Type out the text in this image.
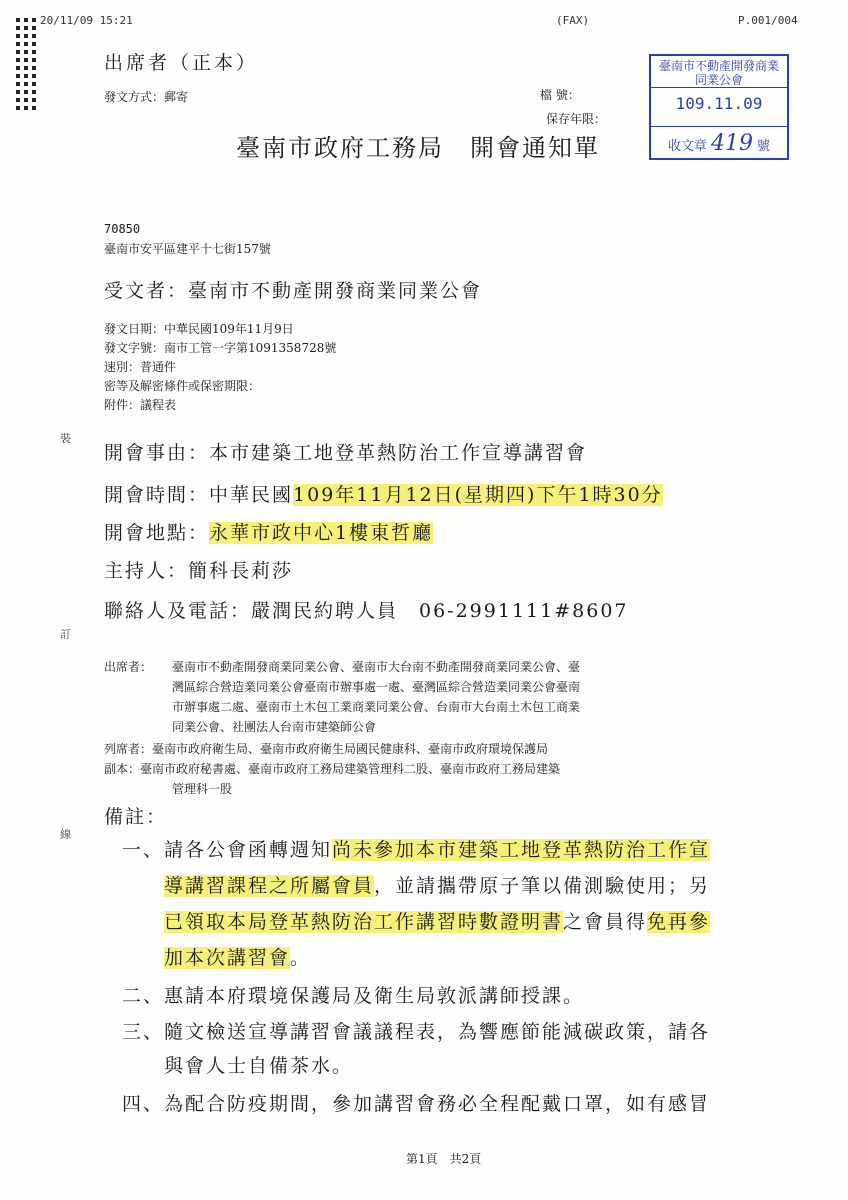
20/11/09 15:21	(FAX)	P.001/004
出席者（正本）
發文方式：郵寄	檔 號：
保存年限：
臺南市政府工務局　開會通知單
臺南市不動產開發商業同業公會
109.11.09
收文章 419 號
70850
臺南市安平區建平十七街157號
受文者：臺南市不動產開發商業同業公會
發文日期：中華民國109年11月9日
發文字號：南市工管一字第1091358728號
速別：普通件
密等及解密條件或保密期限：
附件：議程表
裝
訂
線
開會事由：本市建築工地登革熱防治工作宣導講習會
開會時間：中華民國109年11月12日(星期四)下午1時30分
開會地點：永華市政中心1樓東哲廳
主持人：簡科長莉莎
聯絡人及電話：嚴潤民約聘人員　06-2991111#8607
出席者： 臺南市不動產開發商業同業公會、臺南市大台南不動產開發商業同業公會、臺
灣區綜合營造業同業公會臺南市辦事處一處、臺灣區綜合營造業同業公會臺南
市辦事處二處、臺南市土木包工業商業同業公會、台南市大台南土木包工商業
同業公會、社團法人台南市建築師公會
列席者：臺南市政府衛生局、臺南市政府衛生局國民健康科、臺南市政府環境保護局
副本：臺南市政府秘書處、臺南市政府工務局建築管理科二股、臺南市政府工務局建築
管理科一股
備註：
一、請各公會函轉週知尚未參加本市建築工地登革熱防治工作宣
導講習課程之所屬會員，並請攜帶原子筆以備測驗使用；另
已領取本局登革熱防治工作講習時數證明書之會員得免再參
加本次講習會。
二、惠請本府環境保護局及衛生局敦派講師授課。
三、隨文檢送宣導講習會議議程表，為響應節能減碳政策，請各
與會人士自備茶水。
四、為配合防疫期間，參加講習會務必全程配戴口罩，如有感冒
第1頁　共2頁
